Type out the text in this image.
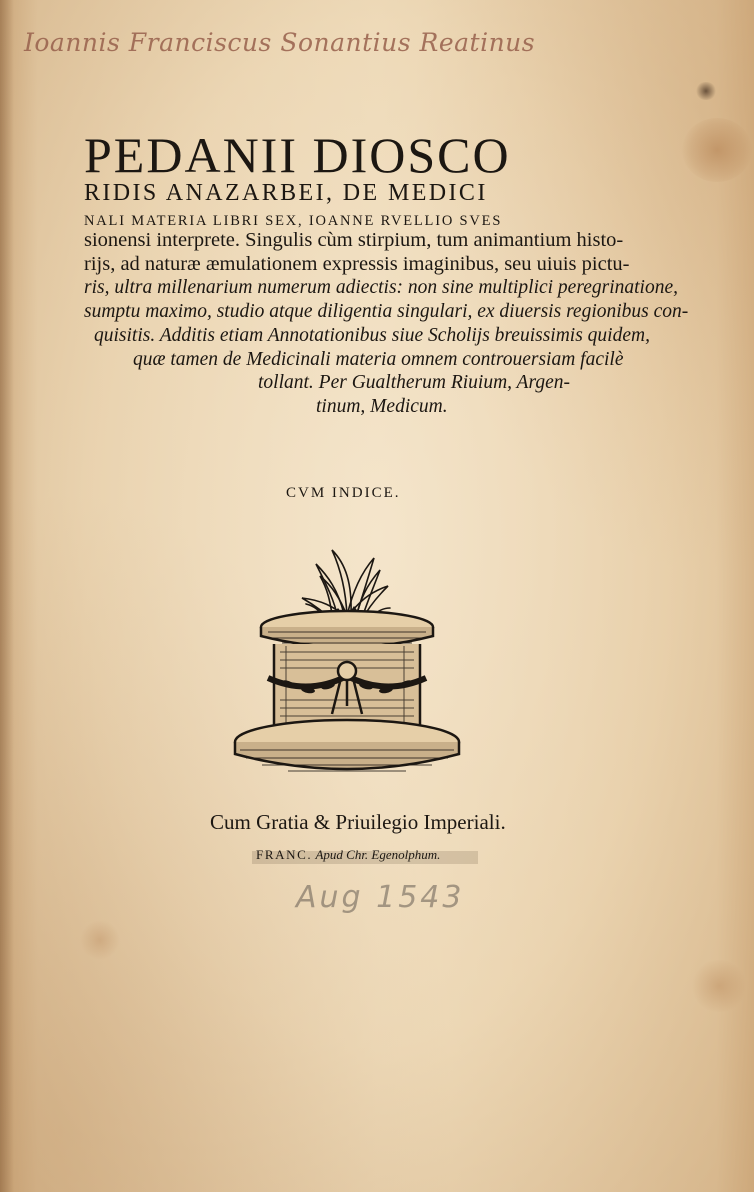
Ioannis Franciscus Sonantius Reatinus
PEDANII DIOSCO
RIDIS ANAZARBEI, DE MEDICI
NALI MATERIA LIBRI SEX, IOANNE RVELLIO SVES
sionensi interprete. Singulis cùm stirpium, tum animantium histo-
rijs, ad naturæ æmulationem expressis imaginibus, seu uiuis pictu-
ris, ultra millenarium numerum adiectis: non sine multiplici peregrinatione,
sumptu maximo, studio atque diligentia singulari, ex diuersis regionibus con-
quisitis. Additis etiam Annotationibus siue Scholijs breuissimis quidem,
quæ tamen de Medicinali materia omnem controuersiam facilè
tollant. Per Gualtherum Riuium, Argen-
tinum, Medicum.
CVM INDICE.
Cum Gratia & Priuilegio Imperiali.
FRANC. Apud Chr. Egenolphum.
Aug 1543
